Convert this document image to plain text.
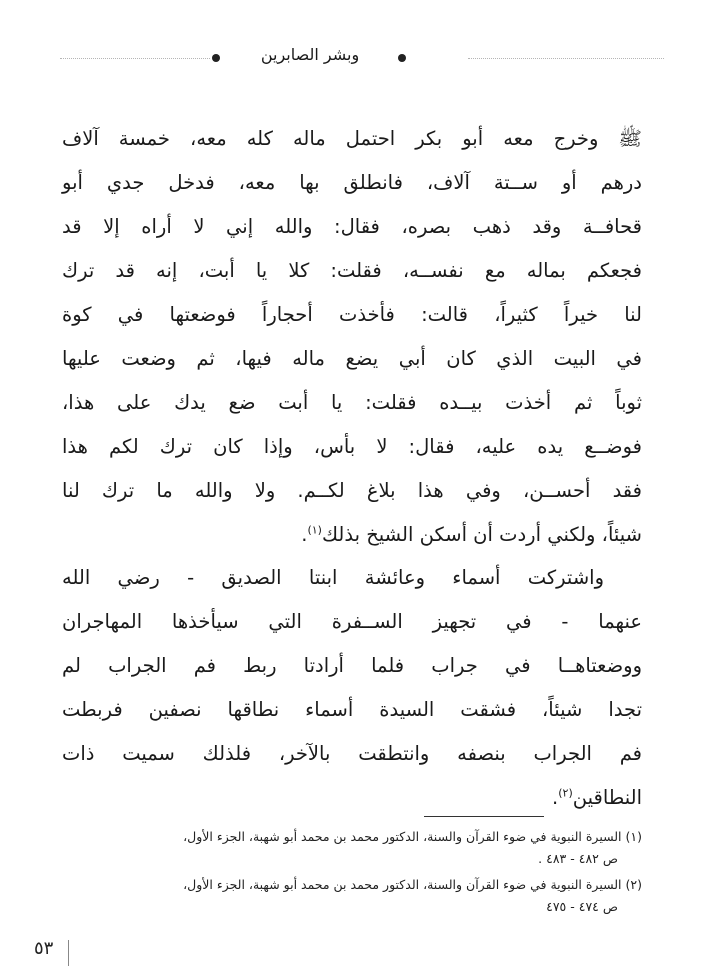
وبشر الصابرين
ﷺ وخرج معه أبو بكر احتمل ماله كله معه، خمسة آلاف
درهم أو ســتة آلاف، فانطلق بها معه، فدخل جدي أبو
قحافــة وقد ذهب بصره، فقال: والله إني لا أراه إلا قد
فجعكم بماله مع نفســه، فقلت: كلا يا أبت، إنه قد ترك
لنا خيراً كثيراً، قالت: فأخذت أحجاراً فوضعتها في كوة
في البيت الذي كان أبي يضع ماله فيها، ثم وضعت عليها
ثوباً ثم أخذت بيــده فقلت: يا أبت ضع يدك على هذا،
فوضــع يده عليه، فقال: لا بأس، وإذا كان ترك لكم هذا
فقد أحســن، وفي هذا بلاغ لكــم. ولا والله ما ترك لنا
شيئاً، ولكني أردت أن أسكن الشيخ بذلك$^{(١)}$.
واشتركت أسماء وعائشة ابنتا الصديق - رضي الله
عنهما - في تجهيز الســفرة التي سيأخذها المهاجران
ووضعتاهــا في جراب فلما أرادتا ربط فم الجراب لم
تجدا شيئاً، فشقت السيدة أسماء نطاقها نصفين فربطت
فم الجراب بنصفه وانتطقت بالآخر، فلذلك سميت ذات
النطاقين$^{(٢)}$.
(١) السيرة النبوية في ضوء القرآن والسنة، الدكتور محمد بن محمد أبو شهبة، الجزء الأول،
ص ٤٨٢ - ٤٨٣ .
(٢) السيرة النبوية في ضوء القرآن والسنة، الدكتور محمد بن محمد أبو شهبة، الجزء الأول،
ص ٤٧٤ - ٤٧٥
٥٣
